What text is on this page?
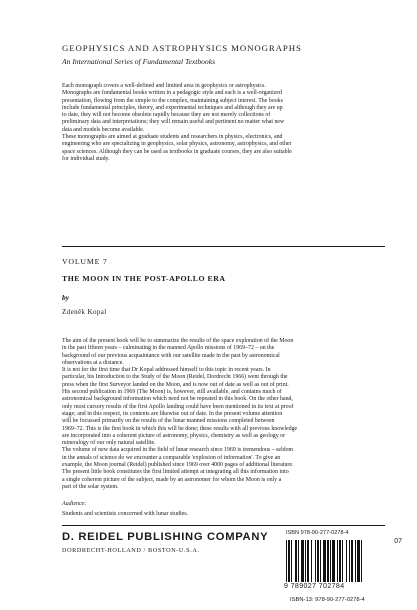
GEOPHYSICS AND ASTROPHYSICS MONOGRAPHS
An International Series of Fundamental Textbooks

Each monograph covers a well-defined and limited area in geophysics or astrophysics.

Monographs are fundamental books written in a pedagogic style and each is a well-organized

presentation, flowing from the simple to the complex, maintaining subject interest. The books

include fundamental principles, theory, and experimental techniques and although they are up

to date, they will not become obsolete rapidly because they are not merely collections of

preliminary data and interpretations; they will remain useful and pertinent no matter what new

data and models become available.

These monographs are aimed at graduate students and researchers in physics, electronics, and

engineering who are specializing in geophysics, solar physics, astronomy, astrophysics, and other

space sciences. Although they can be used as textbooks in graduate courses, they are also suitable

for individual study.

VOLUME 7
THE MOON IN THE POST-APOLLO ERA
by
Zdeněk Kopal

The aim of the present book will be to summarize the results of the space exploration of the Moon

in the past fifteen years – culminating in the manned Apollo missions of 1969–72 – on the

background of our previous acquaintance with our satellite made in the past by astronomical

observations at a distance.

It is not for the first time that Dr Kopal addressed himself to this topic in recent years. In

particular, his Introduction to the Study of the Moon (Reidel, Dordrecht 1966) went through the

press when the first Surveyor landed on the Moon, and is now out of date as well as out of print.

His second publication in 1969 (The Moon) is, however, still available, and contains much of

astronomical background information which need not be repeated in this book. On the other hand,

only most cursory results of the first Apollo landing could have been mentioned in its text at proof

stage; and in this respect, its contents are likewise out of date. In the present volume attention

will be focussed primarily on the results of the lunar manned missions completed between

1969–72. This is the first book in which this will be done; these results with all previous knowledge

are incorporated into a coherent picture of astronomy, physics, chemistry as well as geology or

mineralogy of our only natural satellite.

The volume of new data acquired in the field of lunar research since 1969 is tremendous – seldom

in the annals of science do we encounter a comparable 'explosion of information'. To give an

example, the Moon journal (Reidel) published since 1969 over 4000 pages of additional literature.

The present little book constitutes the first limited attempt at integrating all this information into

a single coherent picture of the subject, made by an astronomer for whom the Moon is only a

part of the solar system.

Audience:
Students and scientists concerned with lunar studies.
D. REIDEL PUBLISHING COMPANY
DORDRECHT-HOLLAND / BOSTON-U.S.A.
ISBN 978-90-277-0278-4
07
9 789027 702784
ISBN-13: 978-90-277-0278-4
